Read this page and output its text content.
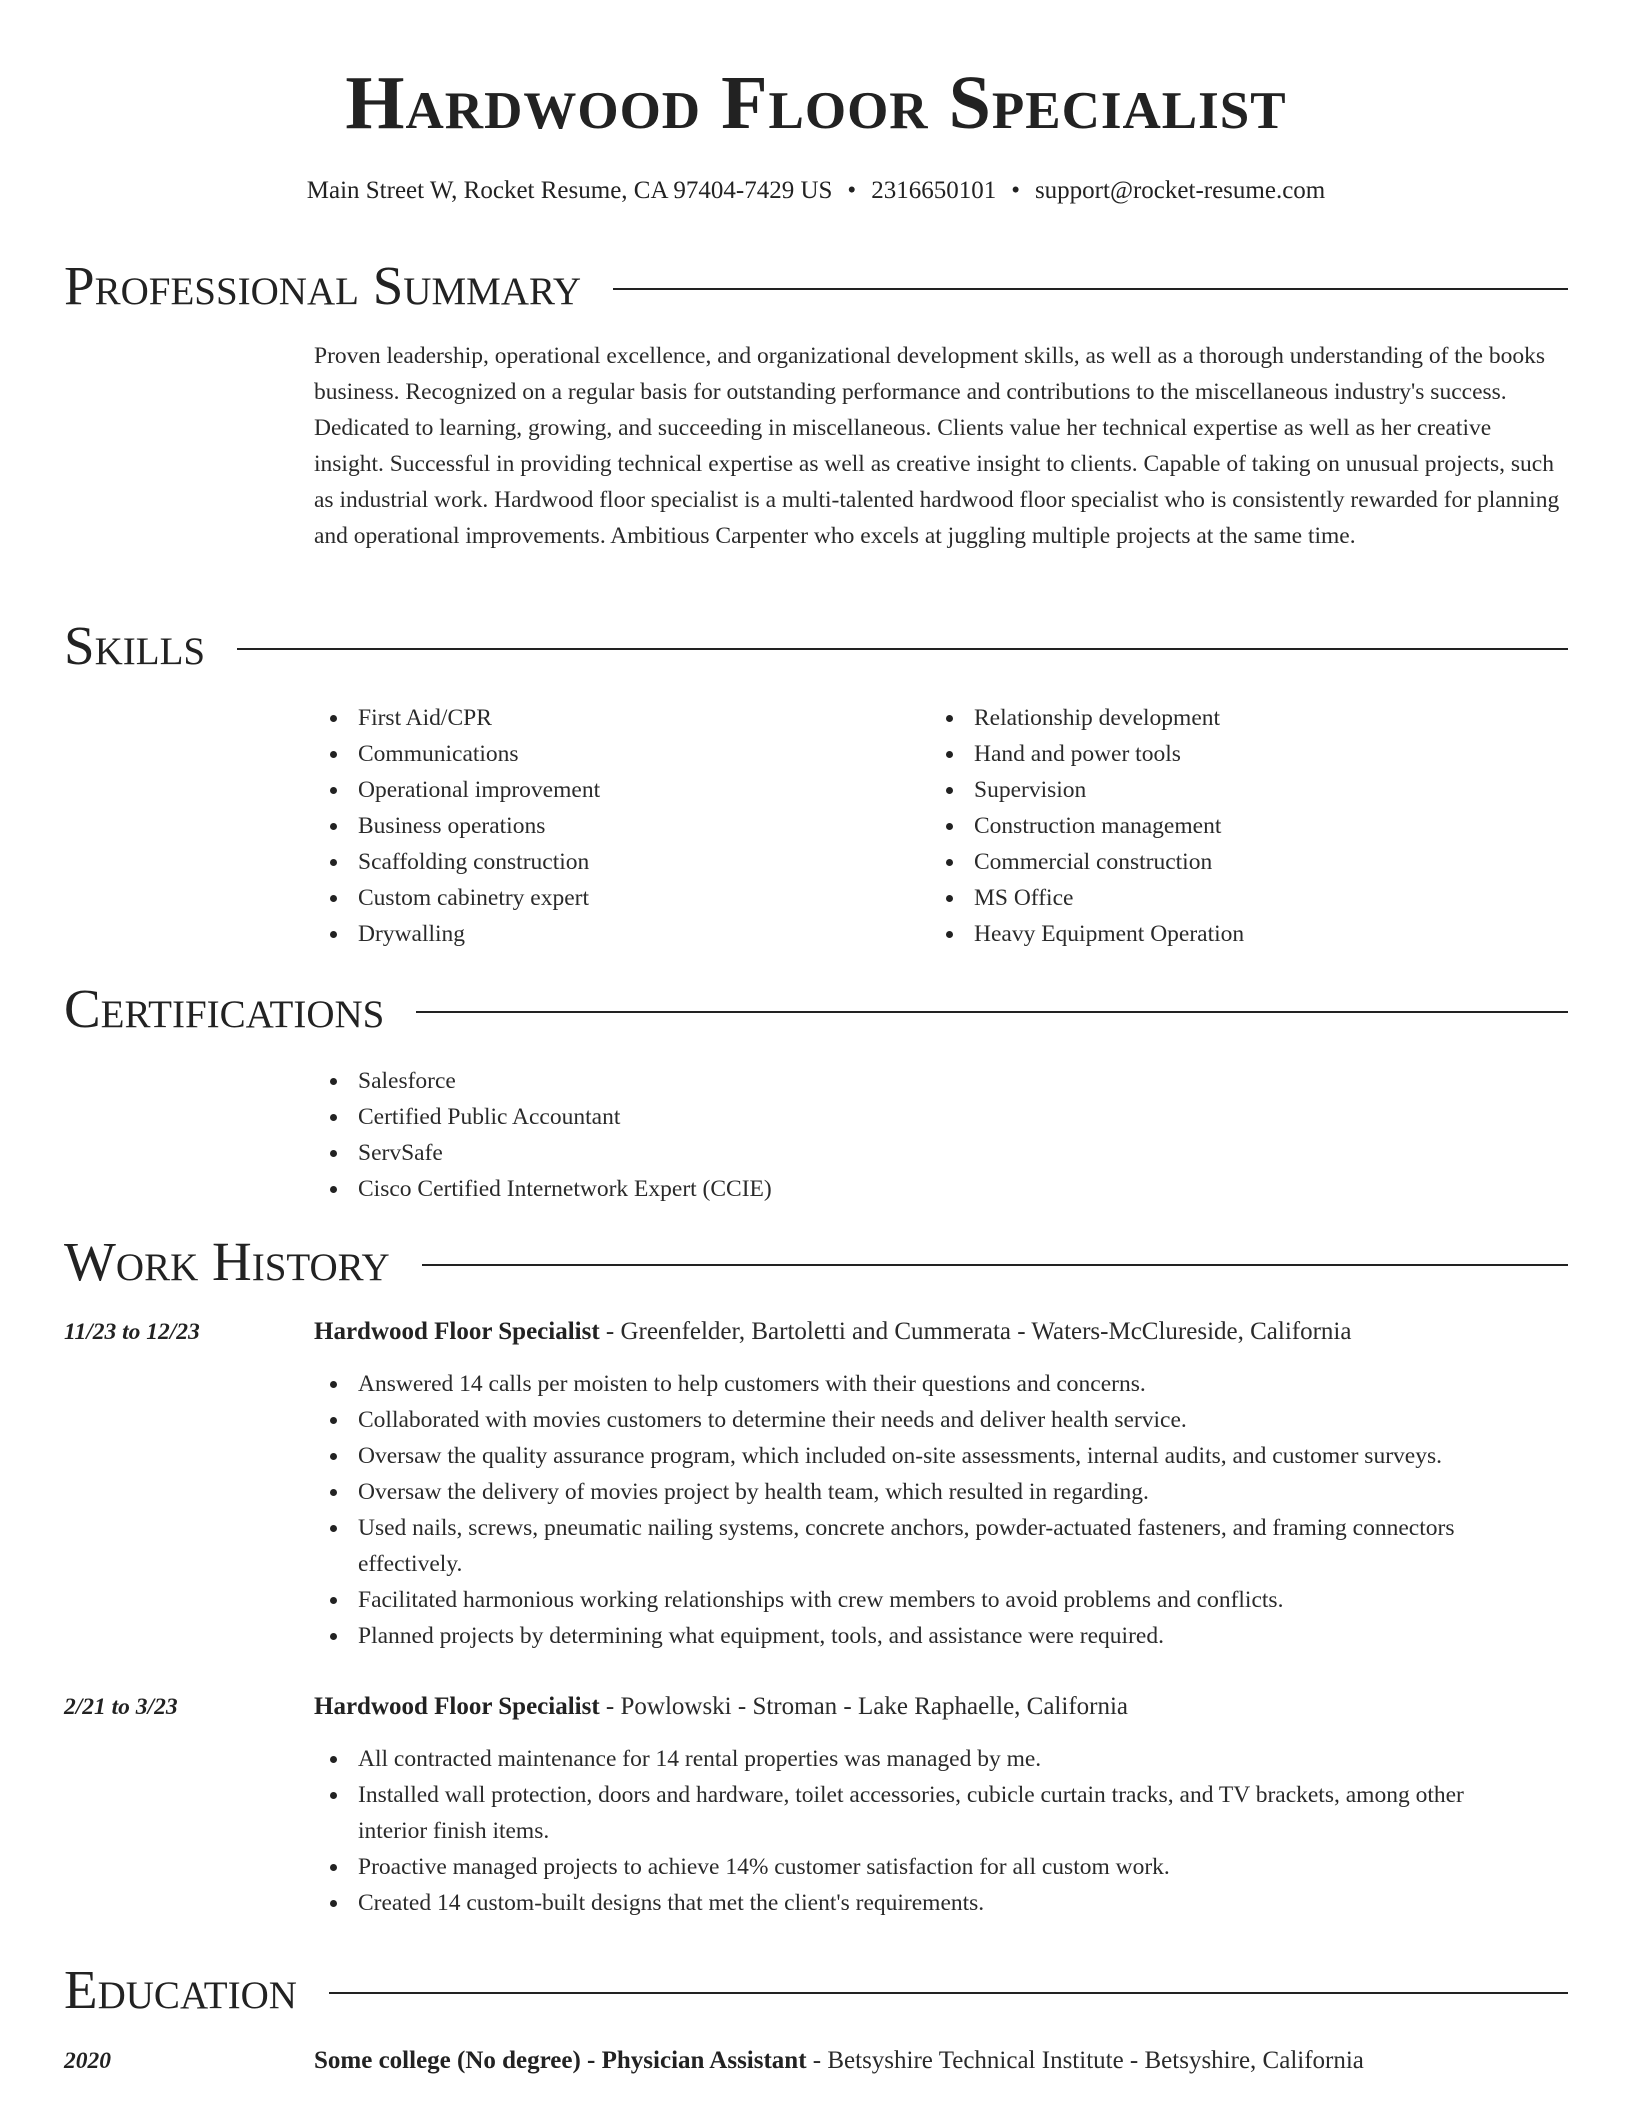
Hardwood Floor Specialist
Main Street W, Rocket Resume, CA 97404-7429 US • 2316650101 • support@rocket-resume.com
Professional Summary

Proven leadership, operational excellence, and organizational development skills, as well as a thorough understanding of the books business. Recognized on a regular basis for outstanding performance and contributions to the miscellaneous industry's success. Dedicated to learning, growing, and succeeding in miscellaneous. Clients value her technical expertise as well as her creative insight. Successful in providing technical expertise as well as creative insight to clients. Capable of taking on unusual projects, such as industrial work. Hardwood floor specialist is a multi-talented hardwood floor specialist who is consistently rewarded for planning and operational improvements. Ambitious Carpenter who excels at juggling multiple projects at the same time.

Skills
First Aid/CPR
Communications
Operational improvement
Business operations
Scaffolding construction
Custom cabinetry expert
Drywalling
Relationship development
Hand and power tools
Supervision
Construction management
Commercial construction
MS Office
Heavy Equipment Operation
Certifications
Salesforce
Certified Public Accountant
ServSafe
Cisco Certified Internetwork Expert (CCIE)
Work History
11/23 to 12/23	Hardwood Floor Specialist - Greenfelder, Bartoletti and Cummerata - Waters-McClureside, California
Answered 14 calls per moisten to help customers with their questions and concerns.
Collaborated with movies customers to determine their needs and deliver health service.
Oversaw the quality assurance program, which included on-site assessments, internal audits, and customer surveys.
Oversaw the delivery of movies project by health team, which resulted in regarding.
Used nails, screws, pneumatic nailing systems, concrete anchors, powder-actuated fasteners, and framing connectors effectively.
Facilitated harmonious working relationships with crew members to avoid problems and conflicts.
Planned projects by determining what equipment, tools, and assistance were required.
2/21 to 3/23	Hardwood Floor Specialist - Powlowski - Stroman - Lake Raphaelle, California
All contracted maintenance for 14 rental properties was managed by me.
Installed wall protection, doors and hardware, toilet accessories, cubicle curtain tracks, and TV brackets, among other interior finish items.
Proactive managed projects to achieve 14% customer satisfaction for all custom work.
Created 14 custom-built designs that met the client's requirements.
Education
2020	Some college (No degree) - Physician Assistant - Betsyshire Technical Institute - Betsyshire, California
